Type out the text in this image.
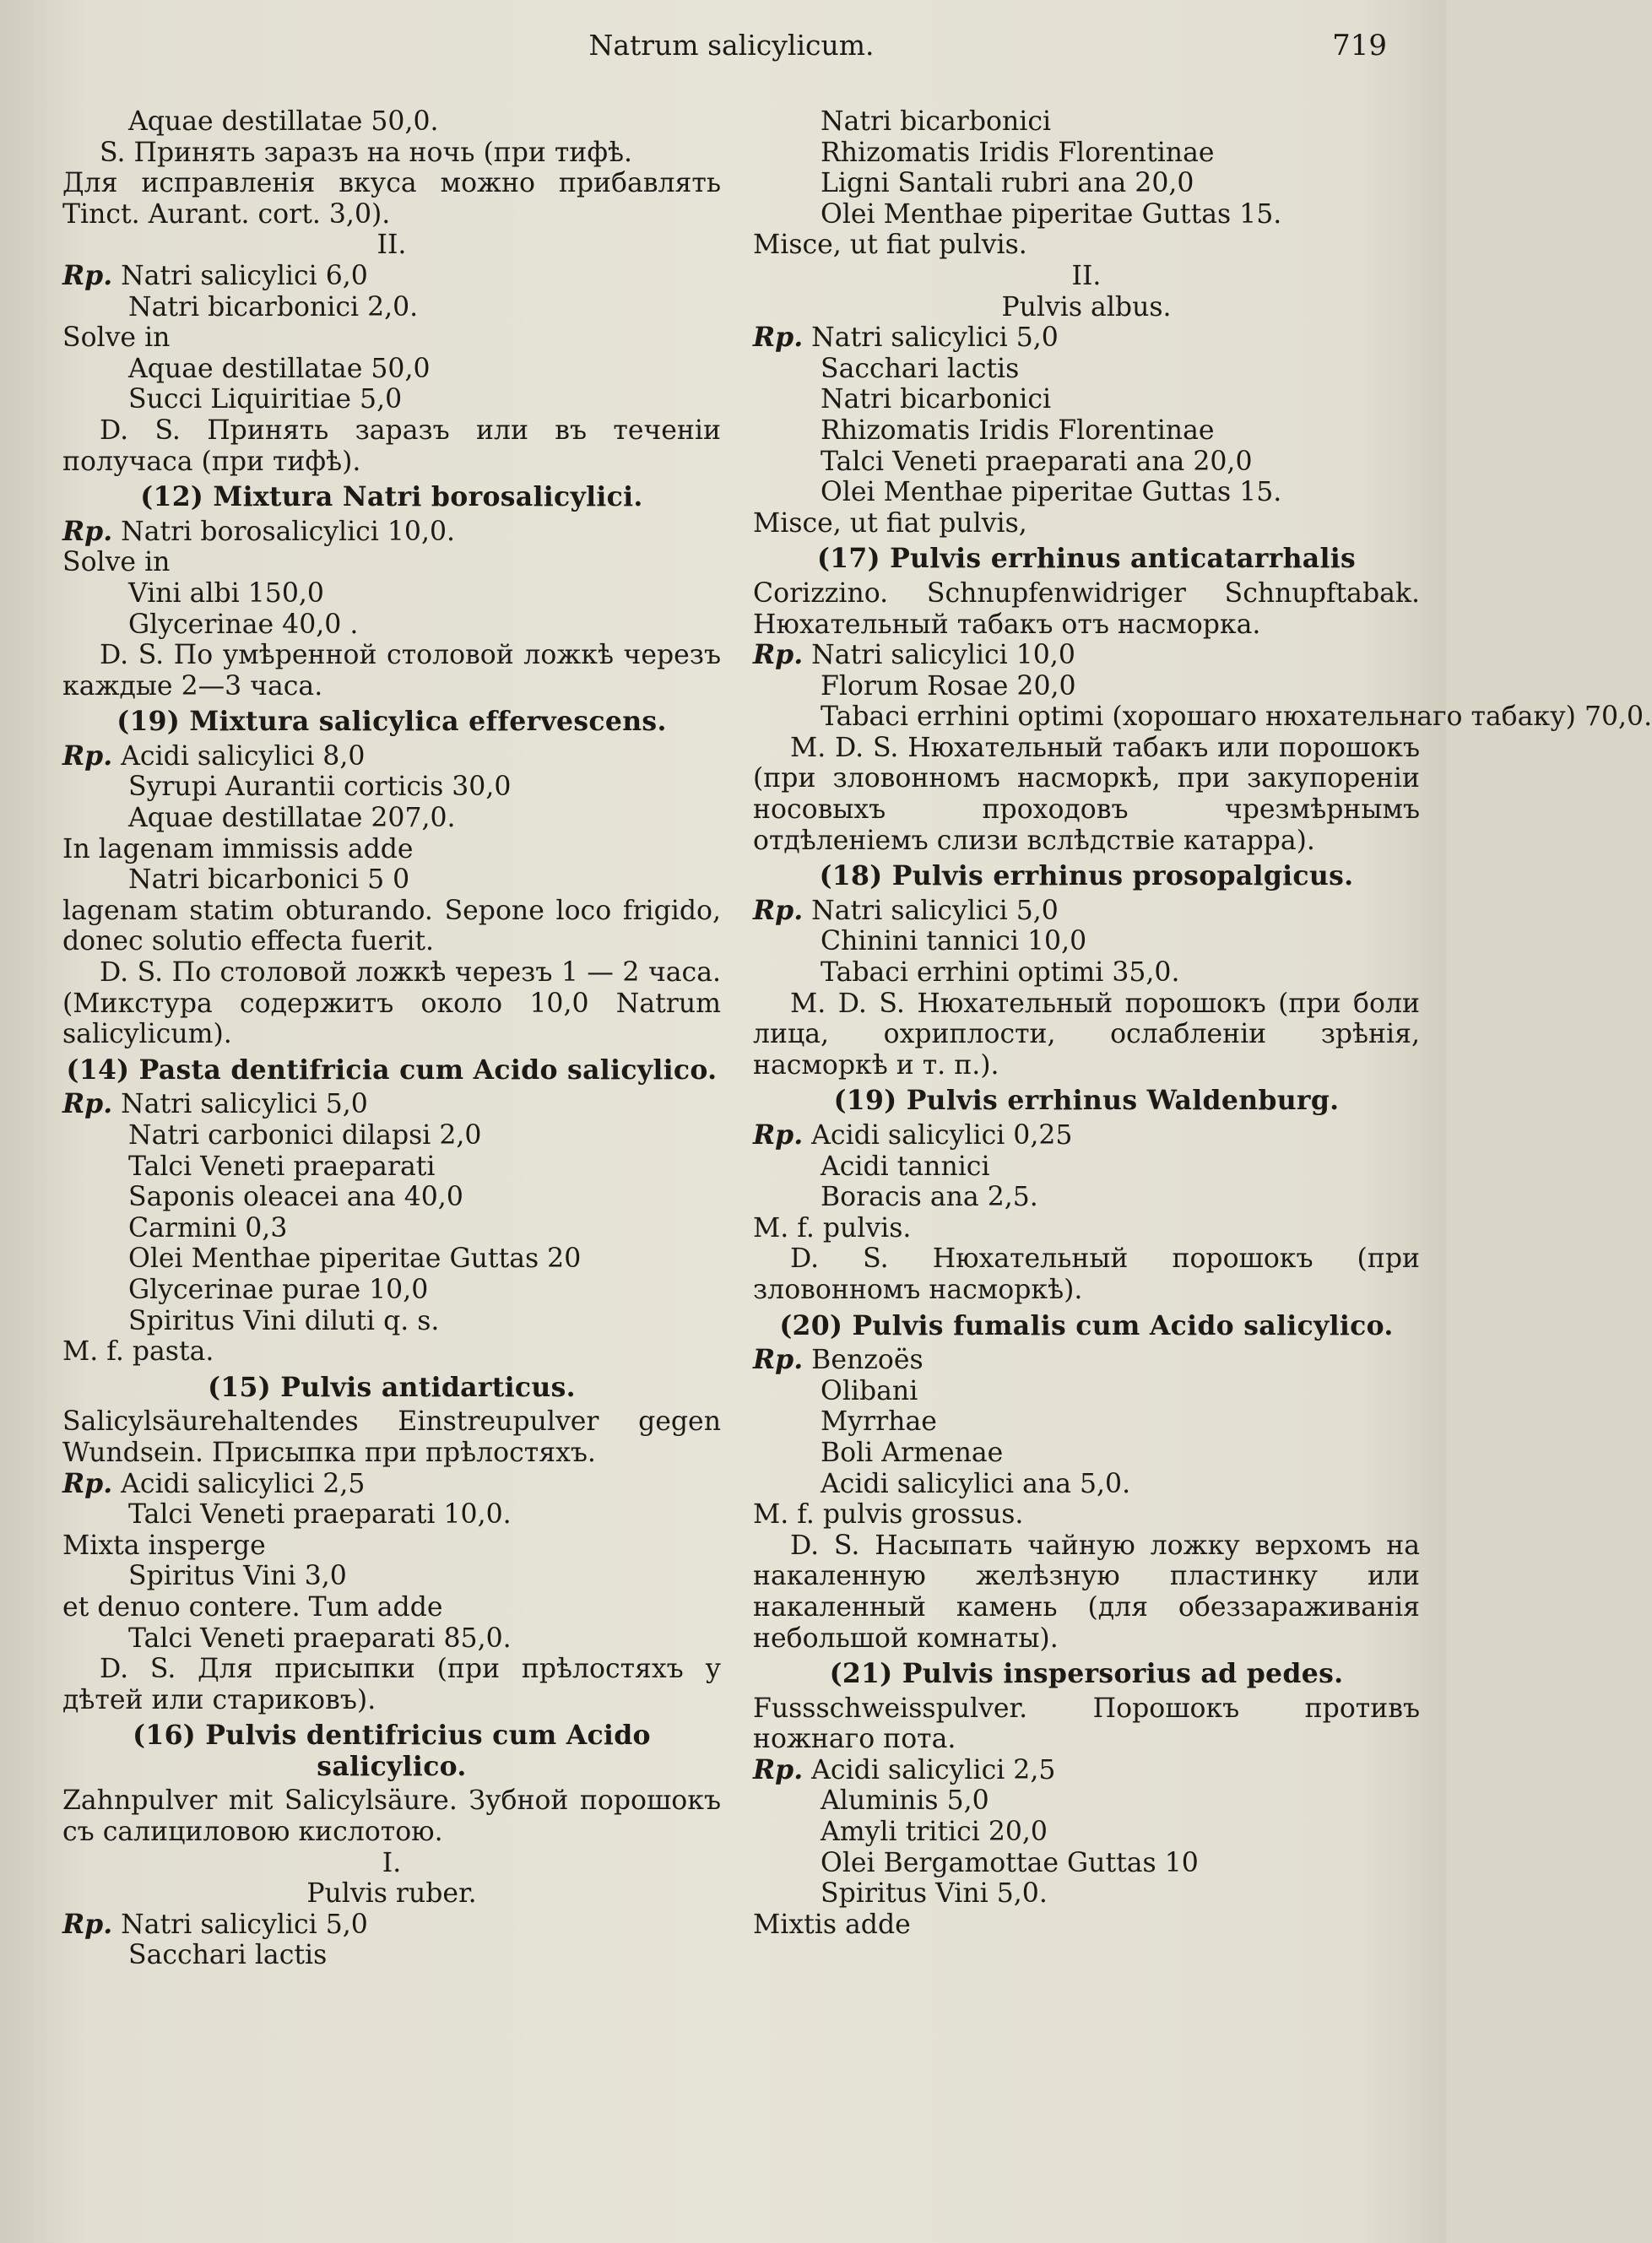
Natrum salicylicum.	719
Aquae destillatae 50,0.
S. Принять заразъ на ночь (при тифѣ.
Для исправленія вкуса можно прибавлять Tinct. Aurant. cort. 3,0).
II.
Rp. Natri salicylici 6,0
Natri bicarbonici 2,0.
Solve in
Aquae destillatae 50,0
Succi Liquiritiae 5,0
D. S. Принять заразъ или въ теченіи получаса (при тифѣ).
(12) Mixtura Natri borosalicylici.
Rp. Natri borosalicylici 10,0.
Solve in
Vini albi 150,0
Glycerinae 40,0 .
D. S. По умѣренной столовой ложкѣ черезъ каждые 2—3 часа.
(19) Mixtura salicylica effervescens.
Rp. Acidi salicylici 8,0
Syrupi Aurantii corticis 30,0
Aquae destillatae 207,0.
In lagenam immissis adde
Natri bicarbonici 5 0
lagenam statim obturando. Sepone loco frigido, donec solutio effecta fuerit.
D. S. По столовой ложкѣ черезъ 1 — 2 часа. (Микстура содержитъ около 10,0 Natrum salicylicum).
(14) Pasta dentifricia cum Acido salicylico.
Rp. Natri salicylici 5,0
Natri carbonici dilapsi 2,0
Talci Veneti praeparati
Saponis oleacei ana 40,0
Carmini 0,3
Olei Menthae piperitae Guttas 20
Glycerinae purae 10,0
Spiritus Vini diluti q. s.
M. f. pasta.
(15) Pulvis antidarticus.
Salicylsäurehaltendes Einstreupulver gegen Wundsein. Присыпка при прѣлостяхъ.
Rp. Acidi salicylici 2,5
Talci Veneti praeparati 10,0.
Mixta insperge
Spiritus Vini 3,0
et denuo contere. Tum adde
Talci Veneti praeparati 85,0.
D. S. Для присыпки (при прѣлостяхъ у дѣтей или стариковъ).
(16) Pulvis dentifricius cum Acido salicylico.
Zahnpulver mit Salicylsäure. Зубной порошокъ съ салициловою кислотою.
I.
Pulvis ruber.
Rp. Natri salicylici 5,0
Sacchari lactis
Natri bicarbonici
Rhizomatis Iridis Florentinae
Ligni Santali rubri ana 20,0
Olei Menthae piperitae Guttas 15.
Misce, ut fiat pulvis.
II.
Pulvis albus.
Rp. Natri salicylici 5,0
Sacchari lactis
Natri bicarbonici
Rhizomatis Iridis Florentinae
Talci Veneti praeparati ana 20,0
Olei Menthae piperitae Guttas 15.
Misce, ut fiat pulvis,
(17) Pulvis errhinus anticatarrhalis
Corizzino. Schnupfenwidriger Schnupftabak. Нюхательный табакъ отъ насморка.
Rp. Natri salicylici 10,0
Florum Rosae 20,0
Tabaci errhini optimi (хорошаго нюхательнаго табаку) 70,0.
M. D. S. Нюхательный табакъ или порошокъ (при зловонномъ насморкѣ, при закупореніи носовыхъ проходовъ чрезмѣрнымъ отдѣленіемъ слизи вслѣдствіе катарра).
(18) Pulvis errhinus prosopalgicus.
Rp. Natri salicylici 5,0
Chinini tannici 10,0
Tabaci errhini optimi 35,0.
M. D. S. Нюхательный порошокъ (при боли лица, охриплости, ослабленіи зрѣнія, насморкѣ и т. п.).
(19) Pulvis errhinus Waldenburg.
Rp. Acidi salicylici 0,25
Acidi tannici
Boracis ana 2,5.
M. f. pulvis.
D. S. Нюхательный порошокъ (при зловонномъ насморкѣ).
(20) Pulvis fumalis cum Acido salicylico.
Rp. Benzoës
Olibani
Myrrhae
Boli Armenae
Acidi salicylici ana 5,0.
M. f. pulvis grossus.
D. S. Насыпать чайную ложку верхомъ на накаленную желѣзную пластинку или накаленный камень (для обеззараживанія небольшой комнаты).
(21) Pulvis inspersorius ad pedes.
Fussschweisspulver. Порошокъ противъ ножнаго пота.
Rp. Acidi salicylici 2,5
Aluminis 5,0
Amyli tritici 20,0
Olei Bergamottae Guttas 10
Spiritus Vini 5,0.
Mixtis adde
